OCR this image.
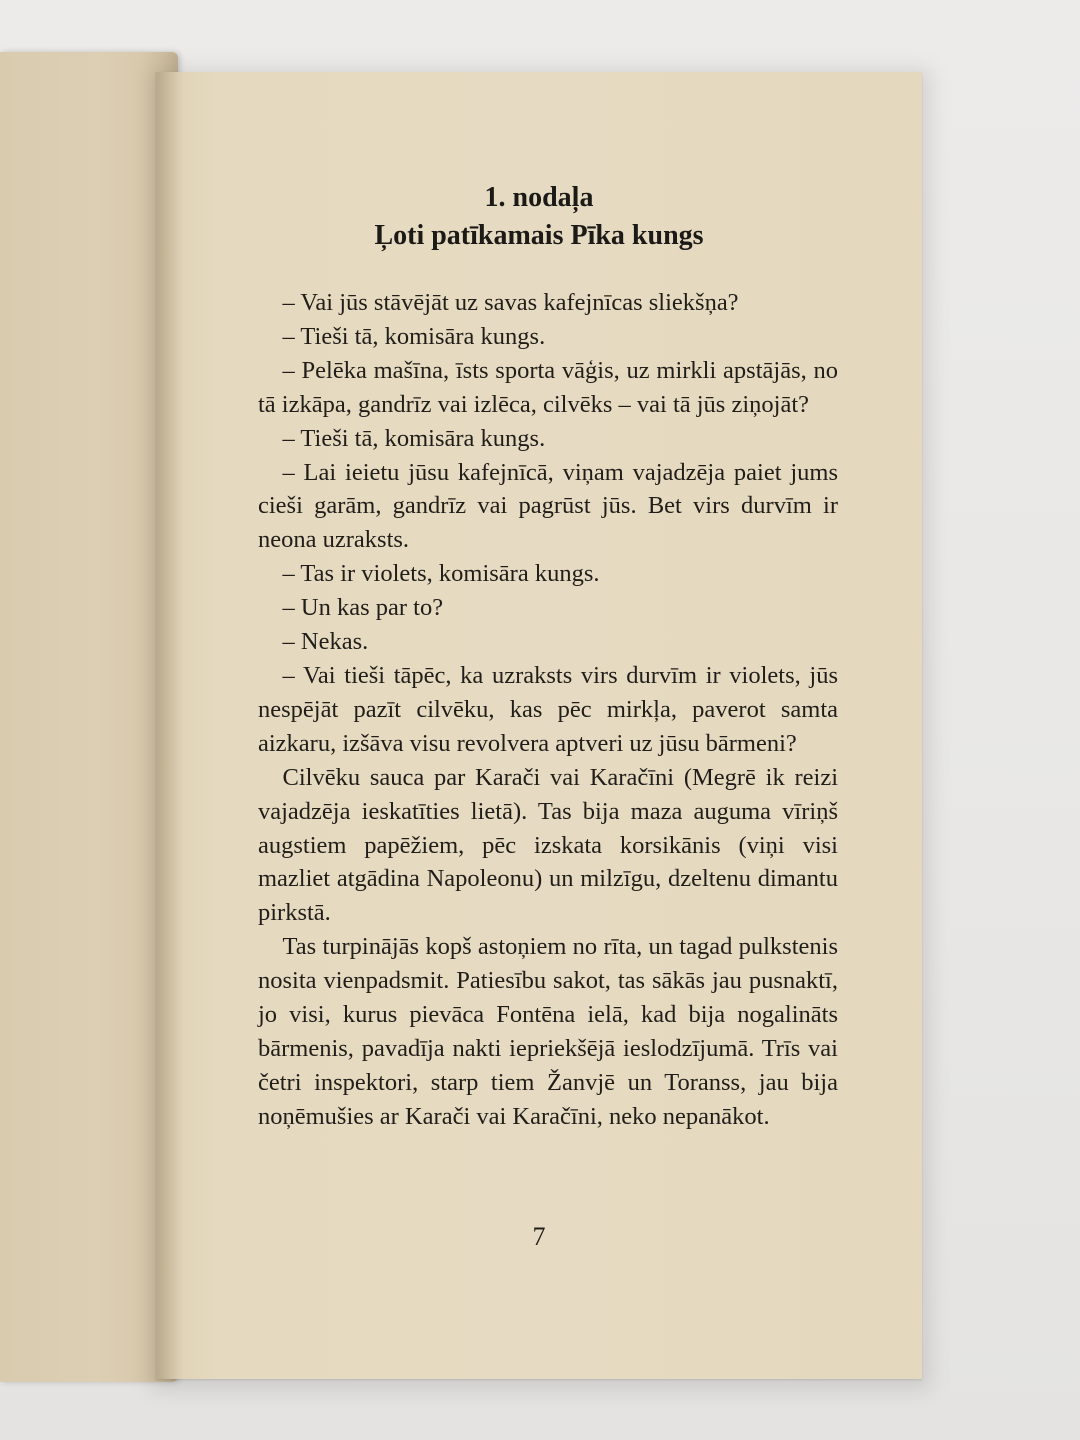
1. nodaļa
Ļoti patīkamais Pīka kungs

– Vai jūs stāvējāt uz savas kafejnīcas sliekšņa?

– Tieši tā, komisāra kungs.

– Pelēka mašīna, īsts sporta vāģis, uz mirkli apstājās, no tā izkāpa, gandrīz vai izlēca, cilvēks – vai tā jūs ziņojāt?

– Tieši tā, komisāra kungs.

– Lai ieietu jūsu kafejnīcā, viņam vajadzēja paiet jums cieši garām, gandrīz vai pagrūst jūs. Bet virs durvīm ir neona uzraksts.

– Tas ir violets, komisāra kungs.

– Un kas par to?

– Nekas.

– Vai tieši tāpēc, ka uzraksts virs durvīm ir violets, jūs nespējāt pazīt cilvēku, kas pēc mirkļa, paverot samta aizkaru, izšāva visu revolvera aptveri uz jūsu bārmeni?

Cilvēku sauca par Karači vai Karačīni (Megrē ik reizi vajadzēja ieskatīties lietā). Tas bija maza auguma vīriņš augstiem papēžiem, pēc izskata korsikānis (viņi visi mazliet atgādina Napoleonu) un milzīgu, dzeltenu dimantu pirkstā.

Tas turpinājās kopš astoņiem no rīta, un tagad pulkstenis nosita vienpadsmit. Patiesību sakot, tas sākās jau pusnaktī, jo visi, kurus pievāca Fontēna ielā, kad bija nogalināts bārmenis, pavadīja nakti iepriekšējā ieslodzījumā. Trīs vai četri inspektori, starp tiem Žanvjē un Toranss, jau bija noņēmušies ar Karači vai Karačīni, neko nepanākot.

7
